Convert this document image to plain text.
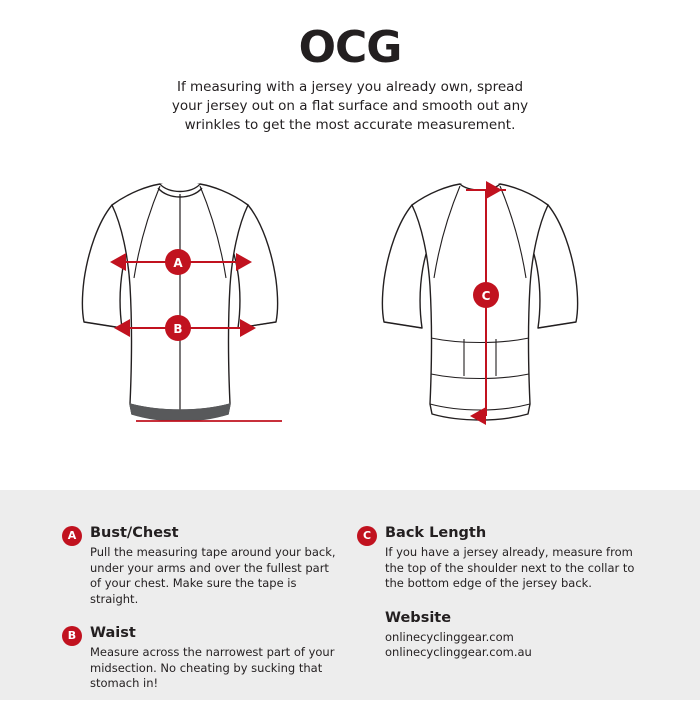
OCG
If measuring with a jersey you already own, spread your jersey out on a flat surface and smooth out any wrinkles to get the most accurate measurement.
A
B
C
A Bust/Chest

Pull the measuring tape around your back, under your arms and over the fullest part of your chest. Make sure the tape is straight.

B Waist

Measure across the narrowest part of your midsection. No cheating by sucking that stomach in!

C Back Length

If you have a jersey already, measure from the top of the shoulder next to the collar to the bottom edge of the jersey back.

Website
onlinecyclinggear.com
onlinecyclinggear.com.au
